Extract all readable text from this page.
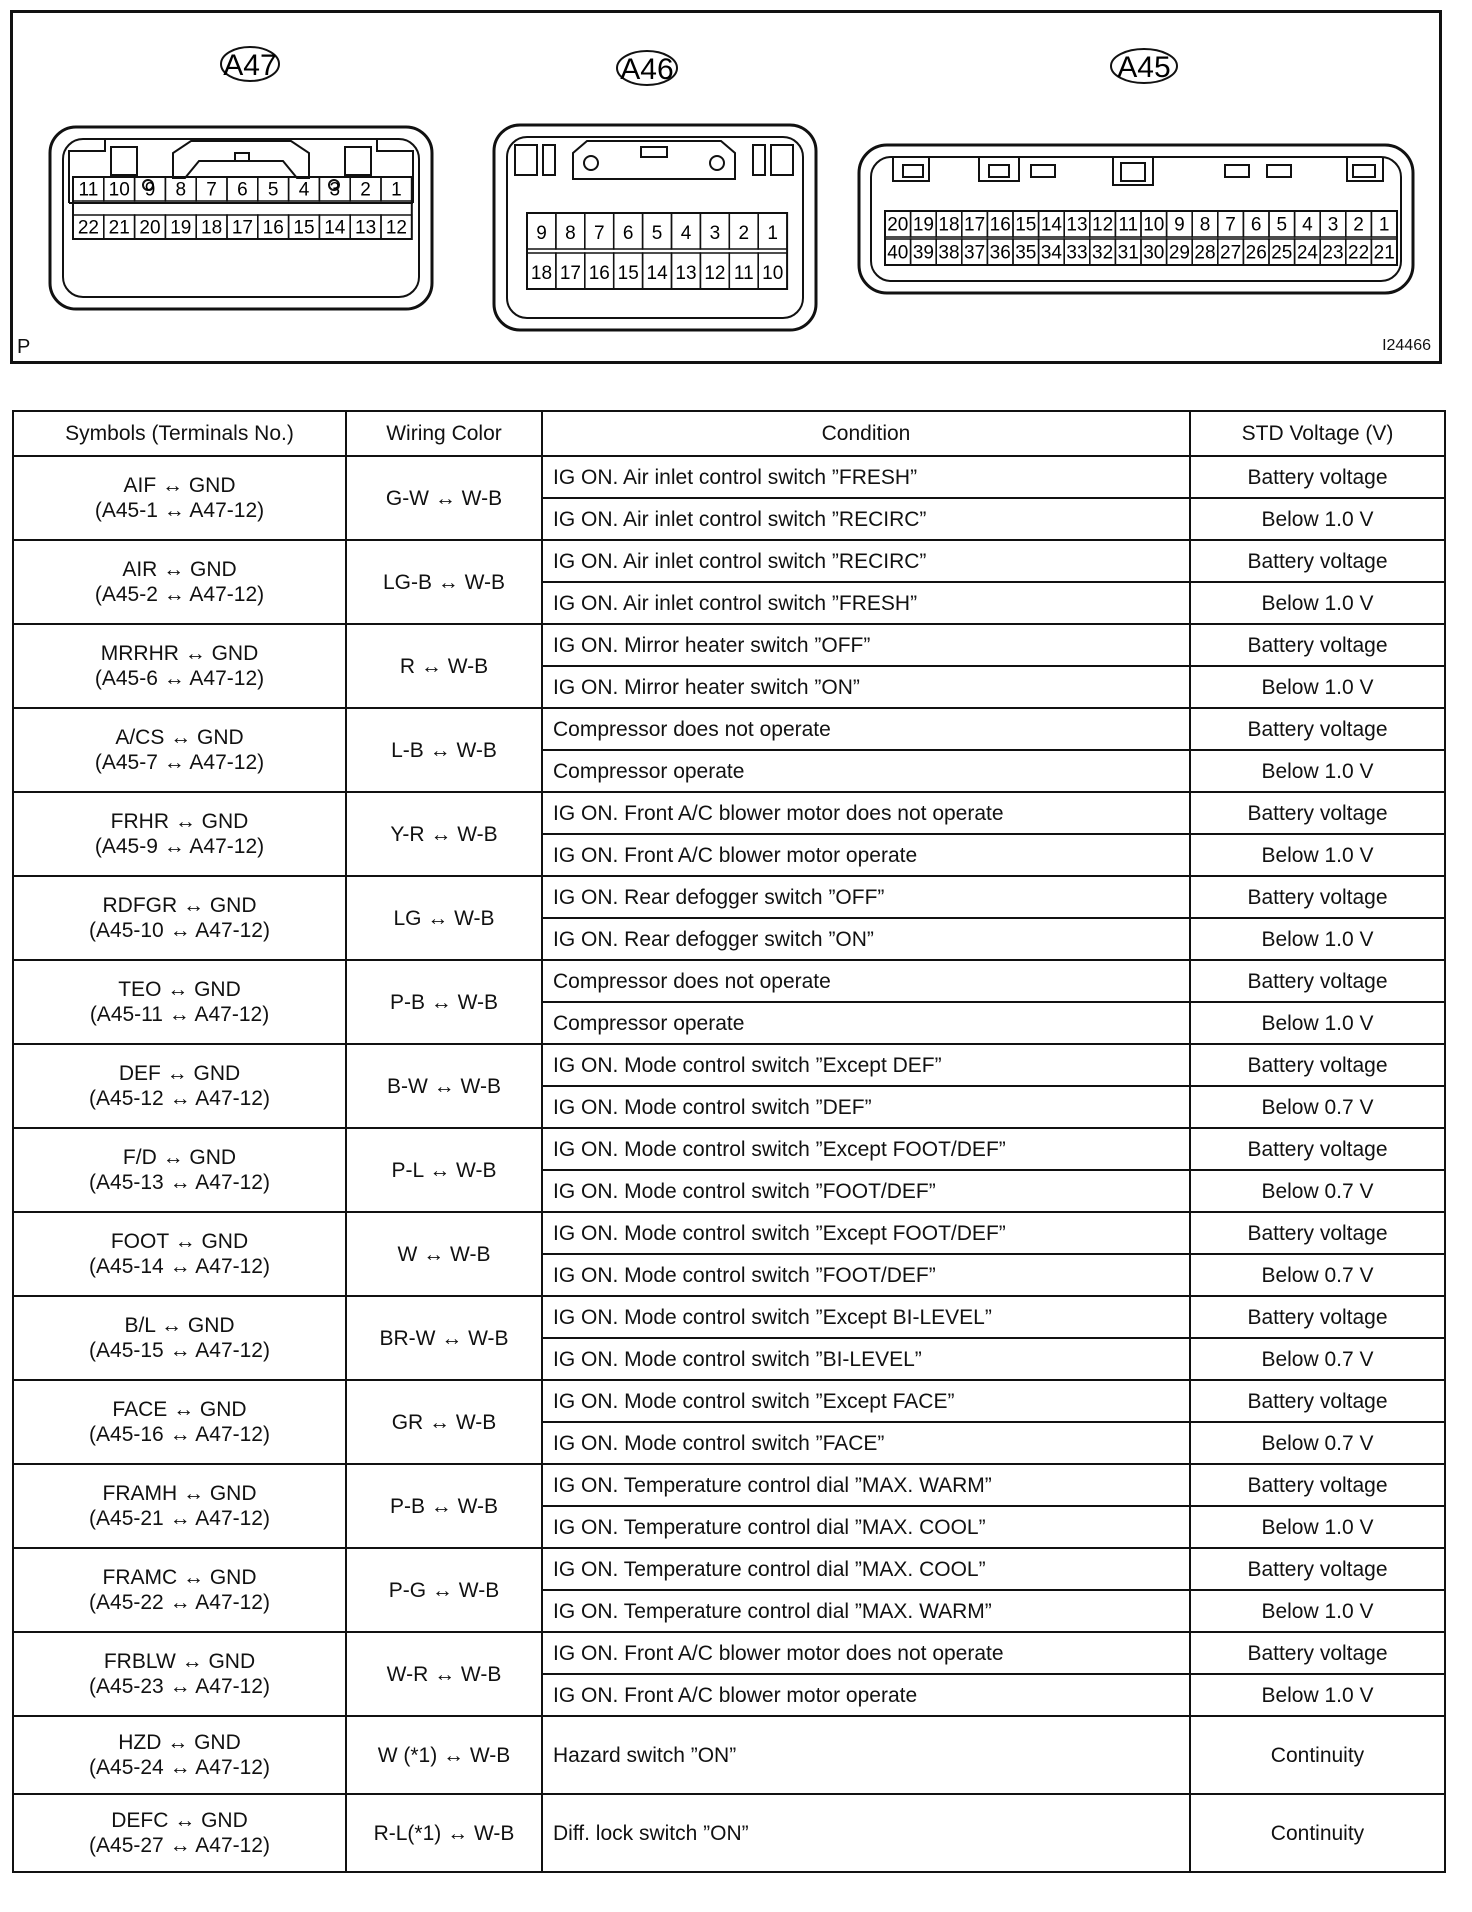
11 10 9 8 7 6 5 4 3 2 1
22 21 20 19 18 17 16 15 14 13 12	9 8 7 6 5 4 3 2 1
18 17 16 15 14 13 12 11 10
20 19 18 17 16 15 14 13 12 11 10 9 8 7 6 5 4 3 2 1
40 39 38 37 36 35 34 33 32 31 30 29 28 27 26 25 24 23 22 21
A47	A46	A45
P	I24466
Symbols (Terminals No.)	Wiring Color	Condition	STD Voltage (V)

AIF ↔ GND
(A45-1 ↔ A47-12)	G-W ↔ W-B	IG ON. Air inlet control switch ”FRESH”	Battery voltage
		IG ON. Air inlet control switch ”RECIRC”	Below 1.0 V

AIR ↔ GND
(A45-2 ↔ A47-12)	LG-B ↔ W-B	IG ON. Air inlet control switch ”RECIRC”	Battery voltage
		IG ON. Air inlet control switch ”FRESH”	Below 1.0 V

MRRHR ↔ GND
(A45-6 ↔ A47-12)	R ↔ W-B	IG ON. Mirror heater switch ”OFF”	Battery voltage
		IG ON. Mirror heater switch ”ON”	Below 1.0 V

A/CS ↔ GND
(A45-7 ↔ A47-12)	L-B ↔ W-B	Compressor does not operate	Battery voltage
		Compressor operate	Below 1.0 V

FRHR ↔ GND
(A45-9 ↔ A47-12)	Y-R ↔ W-B	IG ON. Front A/C blower motor does not operate	Battery voltage
		IG ON. Front A/C blower motor operate	Below 1.0 V

RDFGR ↔ GND
(A45-10 ↔ A47-12)	LG ↔ W-B	IG ON. Rear defogger switch ”OFF”	Battery voltage
		IG ON. Rear defogger switch ”ON”	Below 1.0 V

TEO ↔ GND
(A45-11 ↔ A47-12)	P-B ↔ W-B	Compressor does not operate	Battery voltage
		Compressor operate	Below 1.0 V

DEF ↔ GND
(A45-12 ↔ A47-12)	B-W ↔ W-B	IG ON. Mode control switch ”Except DEF”	Battery voltage
		IG ON. Mode control switch ”DEF”	Below 0.7 V

F/D ↔ GND
(A45-13 ↔ A47-12)	P-L ↔ W-B	IG ON. Mode control switch ”Except FOOT/DEF”	Battery voltage
		IG ON. Mode control switch ”FOOT/DEF”	Below 0.7 V

FOOT ↔ GND
(A45-14 ↔ A47-12)	W ↔ W-B	IG ON. Mode control switch ”Except FOOT/DEF”	Battery voltage
		IG ON. Mode control switch ”FOOT/DEF”	Below 0.7 V

B/L ↔ GND
(A45-15 ↔ A47-12)	BR-W ↔ W-B	IG ON. Mode control switch ”Except BI-LEVEL”	Battery voltage
		IG ON. Mode control switch ”BI-LEVEL”	Below 0.7 V

FACE ↔ GND
(A45-16 ↔ A47-12)	GR ↔ W-B	IG ON. Mode control switch ”Except FACE”	Battery voltage
		IG ON. Mode control switch ”FACE”	Below 0.7 V

FRAMH ↔ GND
(A45-21 ↔ A47-12)	P-B ↔ W-B	IG ON. Temperature control dial ”MAX. WARM”	Battery voltage
		IG ON. Temperature control dial ”MAX. COOL”	Below 1.0 V

FRAMC ↔ GND
(A45-22 ↔ A47-12)	P-G ↔ W-B	IG ON. Temperature control dial ”MAX. COOL”	Battery voltage
		IG ON. Temperature control dial ”MAX. WARM”	Below 1.0 V

FRBLW ↔ GND
(A45-23 ↔ A47-12)	W-R ↔ W-B	IG ON. Front A/C blower motor does not operate	Battery voltage
		IG ON. Front A/C blower motor operate	Below 1.0 V

HZD ↔ GND
(A45-24 ↔ A47-12)	W (*1) ↔ W-B	Hazard switch ”ON”	Continuity

DEFC ↔ GND
(A45-27 ↔ A47-12)	R-L(*1) ↔ W-B	Diff. lock switch ”ON”	Continuity
